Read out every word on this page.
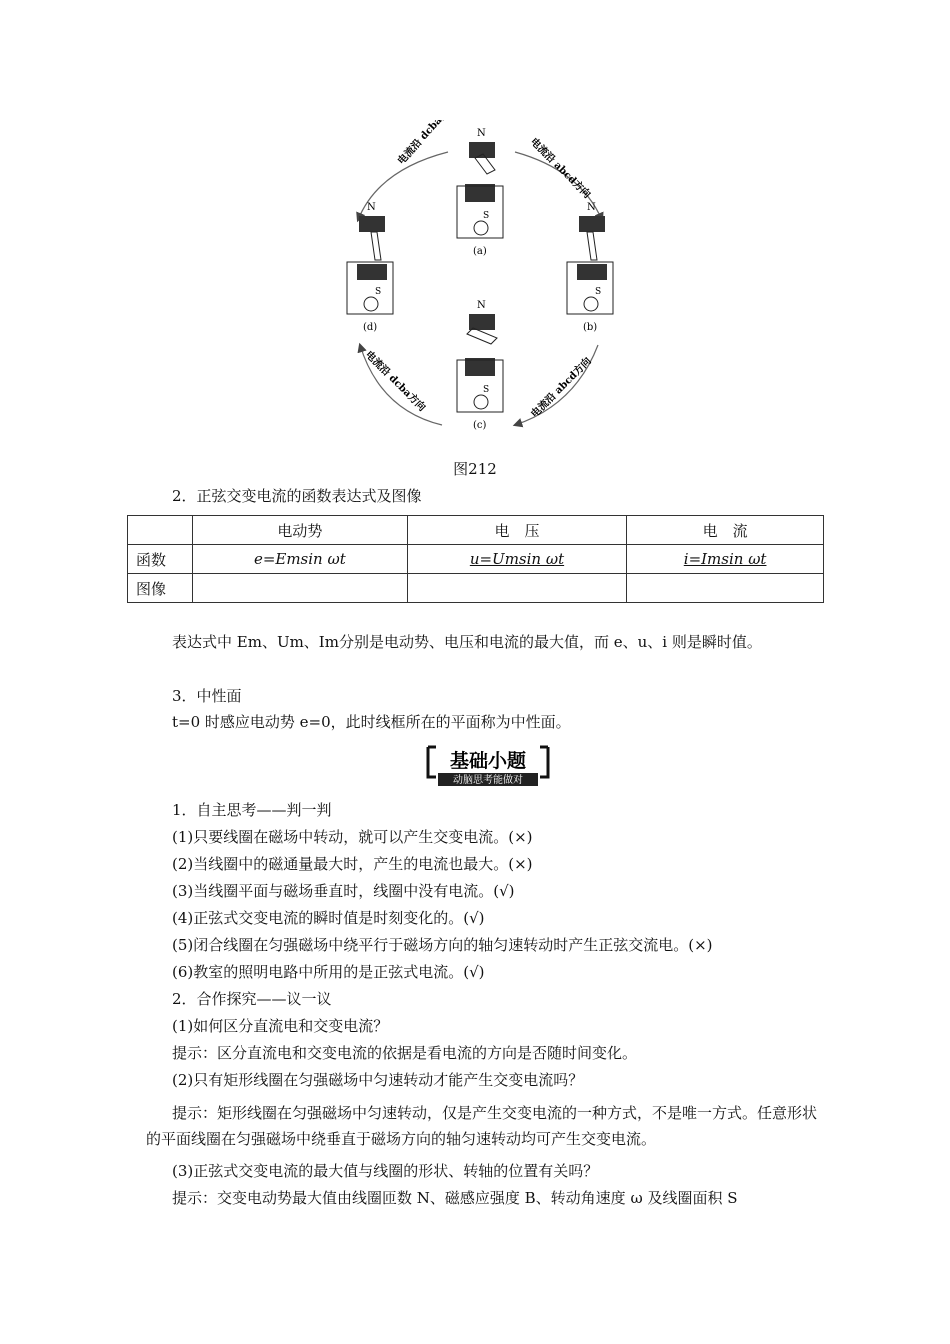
电流沿 dcba方向
电流沿 abcd方向
电流沿 dcba方向	电流沿 abcd方向
N
S
(a)
N
S
(d)
N
S
(b)
N
S
(c)
图212
2．正弦交变电流的函数表达式及图像
	电动势	电　压	电　流
函数	e=Emsin ωt	u=Umsin ωt	i=Imsin ωt
图像			
表达式中 Em、Um、Im分别是电动势、电压和电流的最大值，而 e、u、i 则是瞬时值。
3．中性面
t=0 时感应电动势 e=0，此时线框所在的平面称为中性面。
基础小题
动脑思考能做对
1．自主思考——判一判
(1)只要线圈在磁场中转动，就可以产生交变电流。(×)
(2)当线圈中的磁通量最大时，产生的电流也最大。(×)
(3)当线圈平面与磁场垂直时，线圈中没有电流。(√)
(4)正弦式交变电流的瞬时值是时刻变化的。(√)
(5)闭合线圈在匀强磁场中绕平行于磁场方向的轴匀速转动时产生正弦交流电。(×)
(6)教室的照明电路中所用的是正弦式电流。(√)
2．合作探究——议一议
(1)如何区分直流电和交变电流？
提示：区分直流电和交变电流的依据是看电流的方向是否随时间变化。
(2)只有矩形线圈在匀强磁场中匀速转动才能产生交变电流吗？
提示：矩形线圈在匀强磁场中匀速转动，仅是产生交变电流的一种方式，不是唯一方式。任意形状的平面线圈在匀强磁场中绕垂直于磁场方向的轴匀速转动均可产生交变电流。
(3)正弦式交变电流的最大值与线圈的形状、转轴的位置有关吗？
提示：交变电动势最大值由线圈匝数 N、磁感应强度 B、转动角速度 ω 及线圈面积 S
